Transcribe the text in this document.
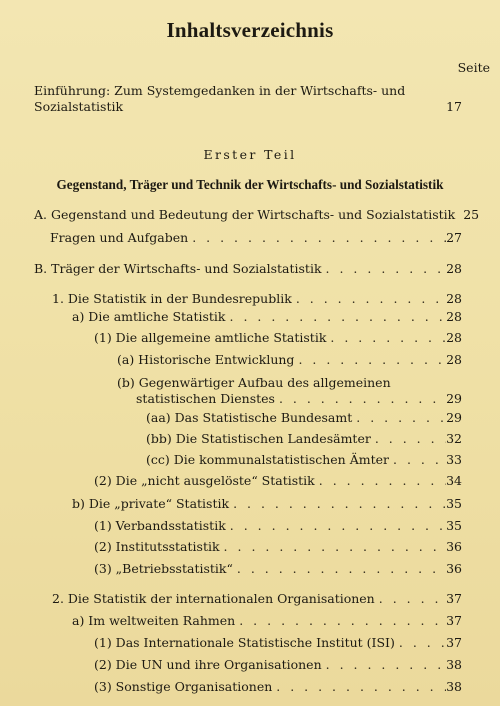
Inhaltsverzeichnis
Seite
Einführung: Zum Systemgedanken in der Wirtschafts- und
Sozialstatistik	17
Erster Teil
Gegenstand, Träger und Technik der Wirtschafts- und Sozialstatistik
A. Gegenstand und Bedeutung der Wirtschafts- und Sozialstatistik 25
Fragen und Aufgaben . . .	27
B. Träger der Wirtschafts- und Sozialstatistik . . .	28
1. Die Statistik in der Bundesrepublik . . .	28
a) Die amtliche Statistik . . .	28
(1) Die allgemeine amtliche Statistik . . .	28
(a) Historische Entwicklung . . .	28
(b) Gegenwärtiger Aufbau des allgemeinen
statistischen Dienstes . . .	29
(aa) Das Statistische Bundesamt . . .	29
(bb) Die Statistischen Landesämter . . .	32
(cc) Die kommunalstatistischen Ämter . . .	33
(2) Die „nicht ausgelöste“ Statistik . . .	34
b) Die „private“ Statistik . . .	35
(1) Verbandsstatistik . . .	35
(2) Institutsstatistik . . .	36
(3) „Betriebsstatistik“ . . .	36
2. Die Statistik der internationalen Organisationen . . .	37
a) Im weltweiten Rahmen . . .	37
(1) Das Internationale Statistische Institut (ISI) . . .	37
(2) Die UN und ihre Organisationen . . .	38
(3) Sonstige Organisationen . . .	38
